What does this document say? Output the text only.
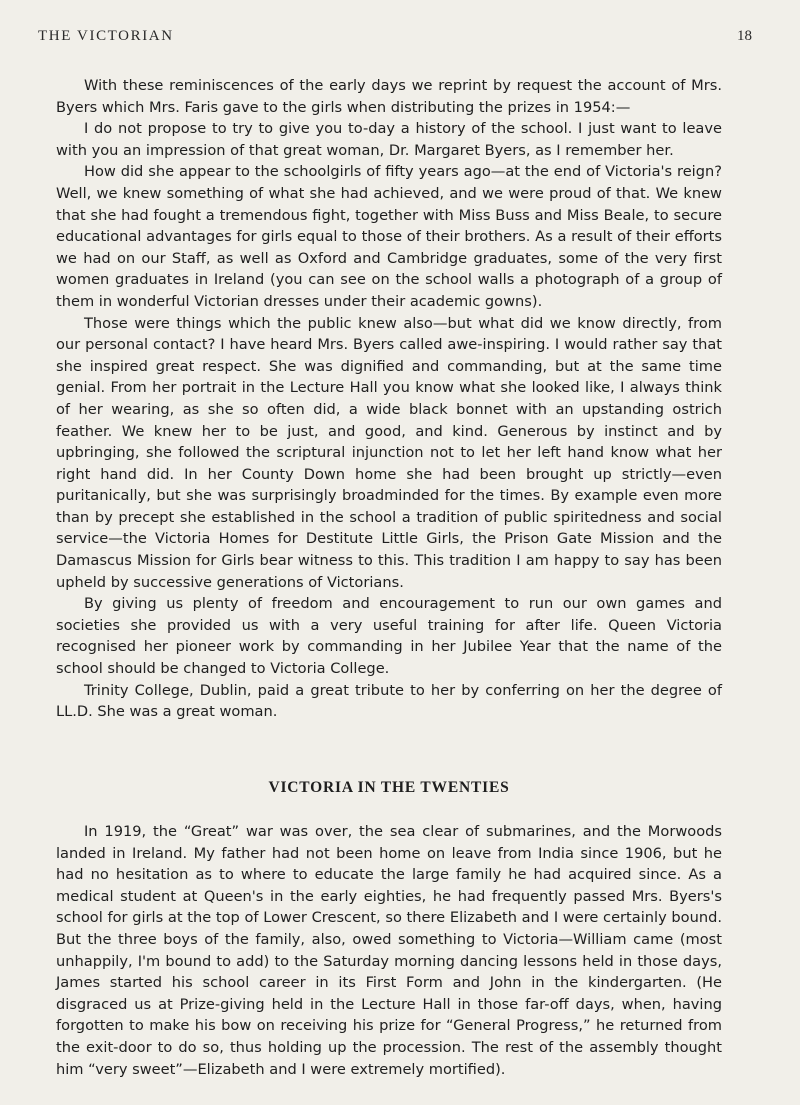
THE VICTORIAN	18

With these reminiscences of the early days we reprint by request the account of Mrs. Byers which Mrs. Faris gave to the girls when distributing the prizes in 1954:—

I do not propose to try to give you to-day a history of the school. I just want to leave with you an impression of that great woman, Dr. Margaret Byers, as I remember her.

How did she appear to the schoolgirls of fifty years ago—at the end of Victoria's reign? Well, we knew something of what she had achieved, and we were proud of that. We knew that she had fought a tremendous fight, together with Miss Buss and Miss Beale, to secure educational advantages for girls equal to those of their brothers. As a result of their efforts we had on our Staff, as well as Oxford and Cambridge graduates, some of the very first women graduates in Ireland (you can see on the school walls a photograph of a group of them in wonderful Victorian dresses under their academic gowns).

Those were things which the public knew also—but what did we know directly, from our personal contact? I have heard Mrs. Byers called awe-inspiring. I would rather say that she inspired great respect. She was dignified and commanding, but at the same time genial. From her portrait in the Lecture Hall you know what she looked like, I always think of her wearing, as she so often did, a wide black bonnet with an upstanding ostrich feather. We knew her to be just, and good, and kind. Generous by instinct and by upbringing, she followed the scriptural injunction not to let her left hand know what her right hand did. In her County Down home she had been brought up strictly—even puritanically, but she was surprisingly broadminded for the times. By example even more than by precept she established in the school a tradition of public spiritedness and social service—the Victoria Homes for Destitute Little Girls, the Prison Gate Mission and the Damascus Mission for Girls bear witness to this. This tradition I am happy to say has been upheld by successive generations of Victorians.

By giving us plenty of freedom and encouragement to run our own games and societies she provided us with a very useful training for after life. Queen Victoria recognised her pioneer work by commanding in her Jubilee Year that the name of the school should be changed to Victoria College.

Trinity College, Dublin, paid a great tribute to her by conferring on her the degree of LL.D. She was a great woman.

VICTORIA IN THE TWENTIES

In 1919, the “Great” war was over, the sea clear of submarines, and the Morwoods landed in Ireland. My father had not been home on leave from India since 1906, but he had no hesitation as to where to educate the large family he had acquired since. As a medical student at Queen's in the early eighties, he had frequently passed Mrs. Byers's school for girls at the top of Lower Crescent, so there Elizabeth and I were certainly bound. But the three boys of the family, also, owed something to Victoria—William came (most unhappily, I'm bound to add) to the Saturday morning dancing lessons held in those days, James started his school career in its First Form and John in the kindergarten. (He disgraced us at Prize-giving held in the Lecture Hall in those far-off days, when, having forgotten to make his bow on receiving his prize for “General Progress,” he returned from the exit-door to do so, thus holding up the procession. The rest of the assembly thought him “very sweet”—Elizabeth and I were extremely mortified).
